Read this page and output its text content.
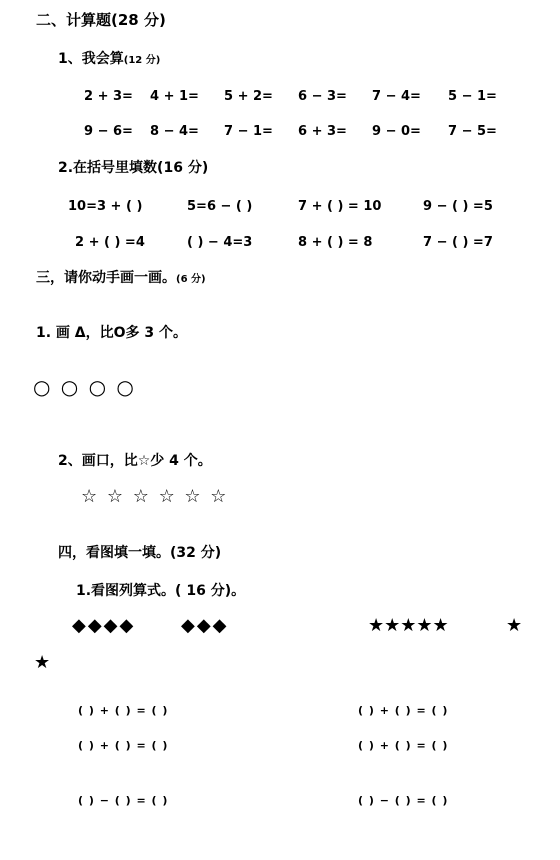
二、计算题(28 分)
1、我会算(12 分)
2 + 3= 4 + 1= 5 + 2= 6 − 3= 7 − 4= 5 − 1=
9 − 6= 8 − 4= 7 − 1= 6 + 3= 9 − 0= 7 − 5=
2.在括号里填数(16 分)
10=3 + ( )	5=6 − ( )	7 + ( ) = 10	9 − ( ) =5
2 + ( ) =4	( ) − 4=3	8 + ( ) = 8	7 − ( ) =7
三，请你动手画一画。(6 分)
1. 画 Δ，比O多 3 个。
○ ○ ○ ○
2、画口，比☆少 4 个。
☆ ☆ ☆ ☆ ☆ ☆
四，看图填一填。(32 分)
1.看图列算式。( 16 分)。
◆◆◆◆	◆◆◆	★★★★★	★
★
( ) + ( ) = ( )	( ) + ( ) = ( )
( ) + ( ) = ( )	( ) + ( ) = ( )
( ) − ( ) = ( )	( ) − ( ) = ( )
